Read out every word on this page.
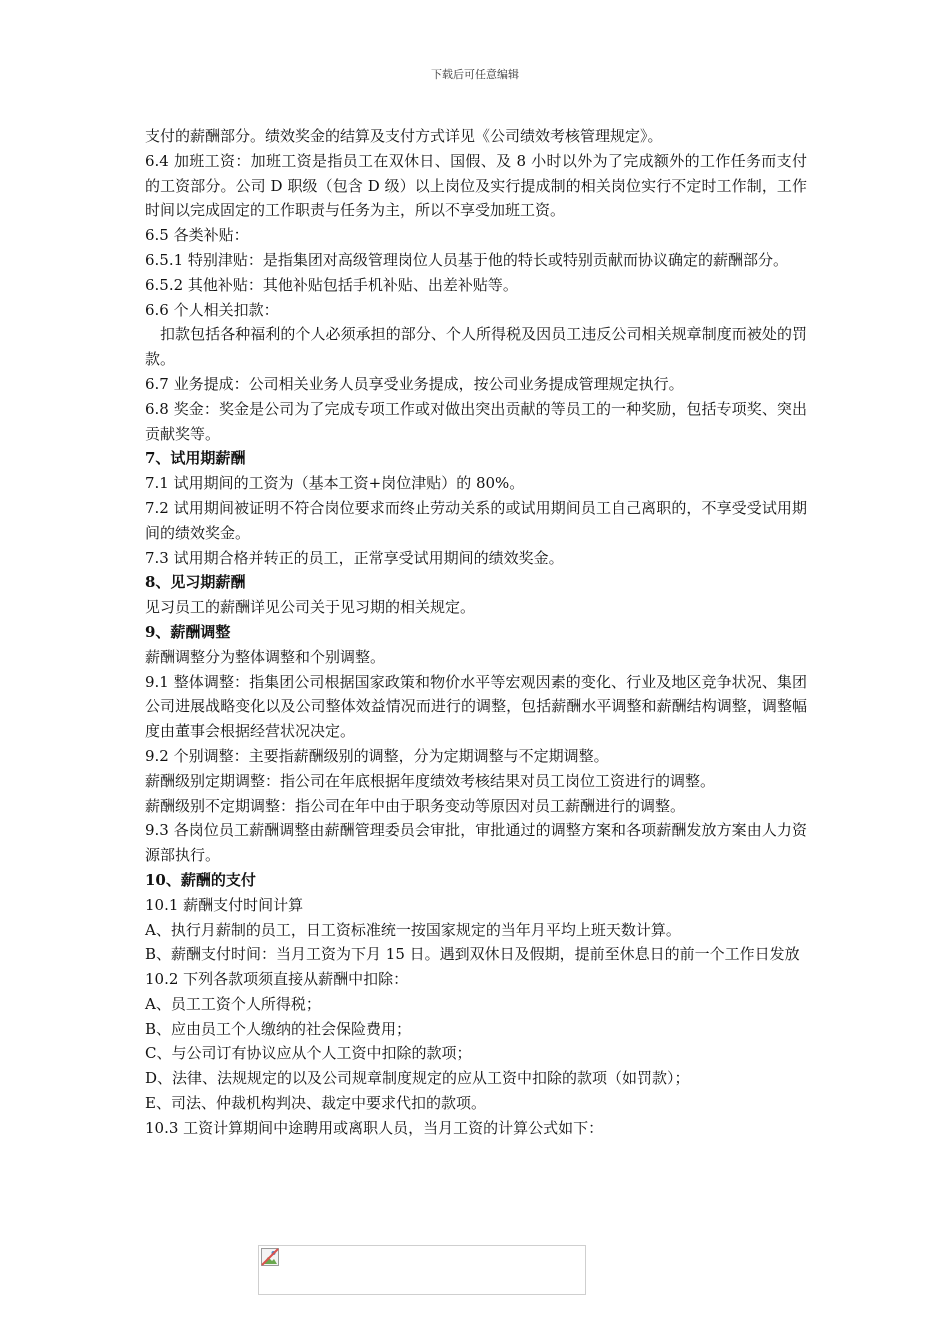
下载后可任意编辑

支付的薪酬部分。绩效奖金的结算及支付方式详见《公司绩效考核管理规定》。

6.4 加班工资：加班工资是指员工在双休日、国假、及 8 小时以外为了完成额外的工作任务而支付的工资部分。公司 D 职级（包含 D 级）以上岗位及实行提成制的相关岗位实行不定时工作制，工作时间以完成固定的工作职责与任务为主，所以不享受加班工资。

6.5 各类补贴：

6.5.1 特别津贴：是指集团对高级管理岗位人员基于他的特长或特别贡献而协议确定的薪酬部分。

6.5.2 其他补贴：其他补贴包括手机补贴、出差补贴等。

6.6 个人相关扣款：

扣款包括各种福利的个人必须承担的部分、个人所得税及因员工违反公司相关规章制度而被处的罚款。

6.7 业务提成：公司相关业务人员享受业务提成，按公司业务提成管理规定执行。

6.8 奖金：奖金是公司为了完成专项工作或对做出突出贡献的等员工的一种奖励，包括专项奖、突出贡献奖等。

7、试用期薪酬

7.1 试用期间的工资为（基本工资+岗位津贴）的 80%。

7.2 试用期间被证明不符合岗位要求而终止劳动关系的或试用期间员工自己离职的，不享受受试用期间的绩效奖金。

7.3 试用期合格并转正的员工，正常享受试用期间的绩效奖金。

8、见习期薪酬

见习员工的薪酬详见公司关于见习期的相关规定。

9、薪酬调整

薪酬调整分为整体调整和个别调整。

9.1 整体调整：指集团公司根据国家政策和物价水平等宏观因素的变化、行业及地区竞争状况、集团公司进展战略变化以及公司整体效益情况而进行的调整，包括薪酬水平调整和薪酬结构调整，调整幅度由董事会根据经营状况决定。

9.2 个别调整：主要指薪酬级别的调整，分为定期调整与不定期调整。

薪酬级别定期调整：指公司在年底根据年度绩效考核结果对员工岗位工资进行的调整。

薪酬级别不定期调整：指公司在年中由于职务变动等原因对员工薪酬进行的调整。

9.3 各岗位员工薪酬调整由薪酬管理委员会审批，审批通过的调整方案和各项薪酬发放方案由人力资源部执行。

10、薪酬的支付

10.1 薪酬支付时间计算

A、执行月薪制的员工，日工资标准统一按国家规定的当年月平均上班天数计算。

B、薪酬支付时间：当月工资为下月 15 日。遇到双休日及假期，提前至休息日的前一个工作日发放

10.2 下列各款项须直接从薪酬中扣除：

A、员工工资个人所得税；

B、应由员工个人缴纳的社会保险费用；

C、与公司订有协议应从个人工资中扣除的款项；

D、法律、法规规定的以及公司规章制度规定的应从工资中扣除的款项（如罚款）；

E、司法、仲裁机构判决、裁定中要求代扣的款项。

10.3 工资计算期间中途聘用或离职人员，当月工资的计算公式如下：
